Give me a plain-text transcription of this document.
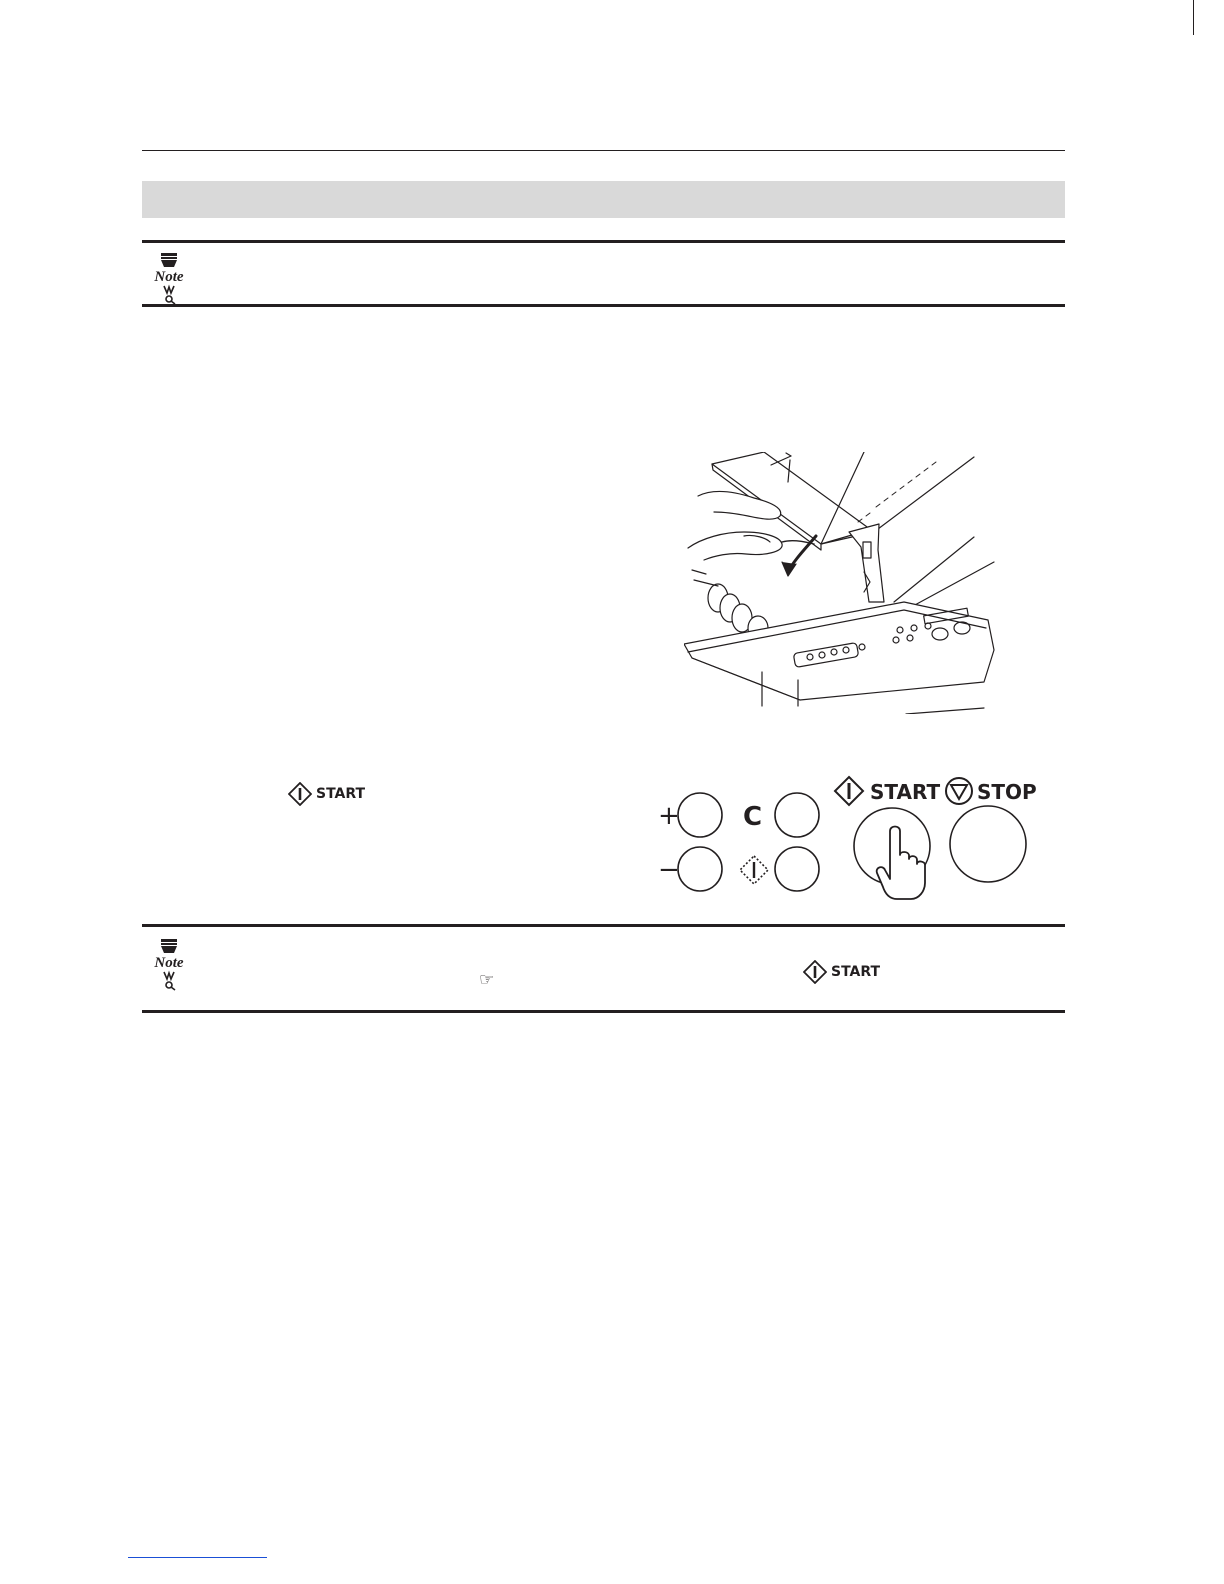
Note
START
+
−
C
START STOP
Note
☞	START
